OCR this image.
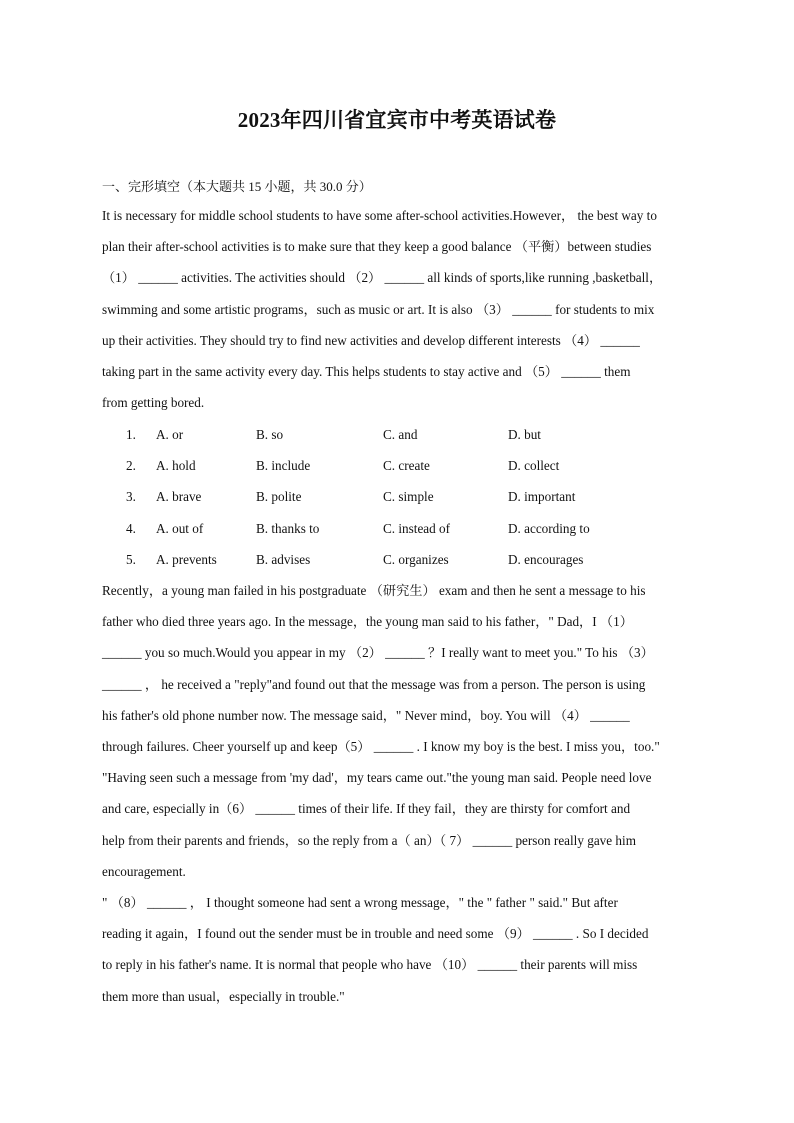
2023年四川省宜宾市中考英语试卷
一、完形填空（本大题共 15 小题，共 30.0 分）
It is necessary for middle school students to have some after-school activities.However， the best way to
plan their after-school activities is to make sure that they keep a good balance （平衡）between studies
（1） ______ activities. The activities should （2） ______ all kinds of sports,like running ,basketball，
swimming and some artistic programs，such as music or art. It is also （3） ______ for students to mix
up their activities. They should try to find new activities and develop different interests （4） ______
taking part in the same activity every day. This helps students to stay active and （5） ______ them
from getting bored.
1. A. or	B. so	C. and	D. but
2. A. hold	B. include	C. create	D. collect
3. A. brave	B. polite	C. simple	D. important
4. A. out of	B. thanks to	C. instead of	D. according to
5. A. prevents	B. advises	C. organizes	D. encourages
Recently，a young man failed in his postgraduate （研究生） exam and then he sent a message to his
father who died three years ago. In the message，the young man said to his father，" Dad，I （1）
______ you so much.Would you appear in my （2） ______ ？I really want to meet you." To his （3）
______ ， he received a "reply"and found out that the message was from a person. The person is using
his father's old phone number now. The message said，" Never mind，boy. You will （4） ______
through failures. Cheer yourself up and keep（5） ______ . I know my boy is the best. I miss you，too."
"Having seen such a message from 'my dad'，my tears came out."the young man said. People need love
and care, especially in（6） ______ times of their life. If they fail，they are thirsty for comfort and
help from their parents and friends，so the reply from a（ an）（ 7） ______ person really gave him
encouragement.
" （8） ______ ， I thought someone had sent a wrong message，" the " father " said." But after
reading it again，I found out the sender must be in trouble and need some （9） ______ . So I decided
to reply in his father's name. It is normal that people who have （10） ______ their parents will miss
them more than usual，especially in trouble."
